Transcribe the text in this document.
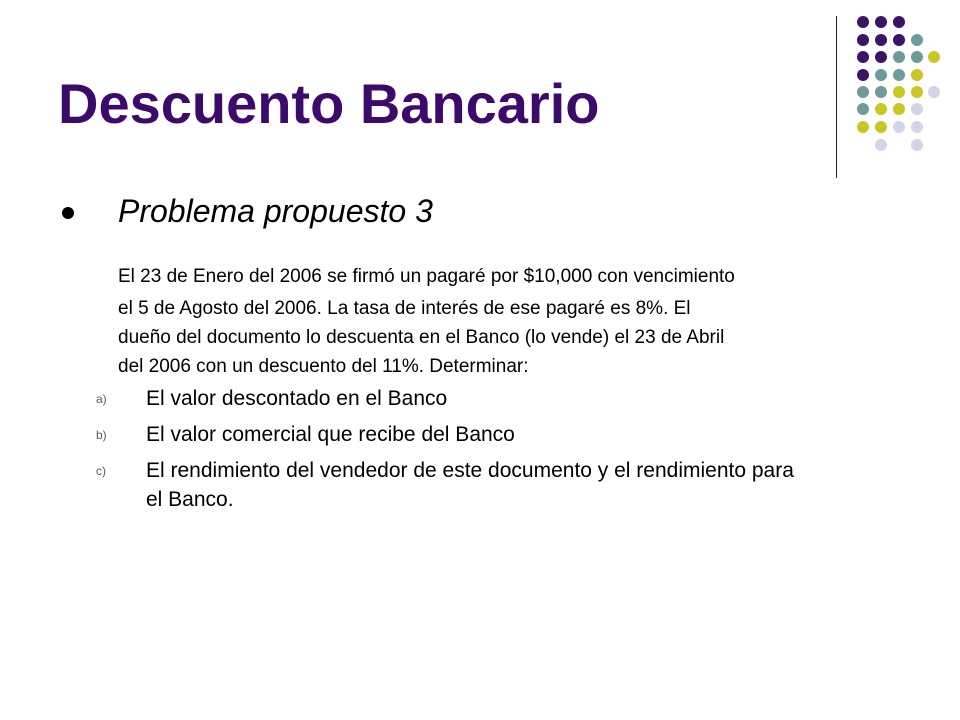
Descuento Bancario
Problema propuesto 3
El 23 de Enero del 2006 se firmó un pagaré por $10,000 con vencimiento
el 5 de Agosto del 2006. La tasa de interés de ese pagaré es 8%. El
dueño del documento lo descuenta en el Banco (lo vende) el 23 de Abril
del 2006 con un descuento del 11%. Determinar:
a) El valor descontado en el Banco
b) El valor comercial que recibe del Banco
c) El rendimiento del vendedor de este documento y el rendimiento para
el Banco.
